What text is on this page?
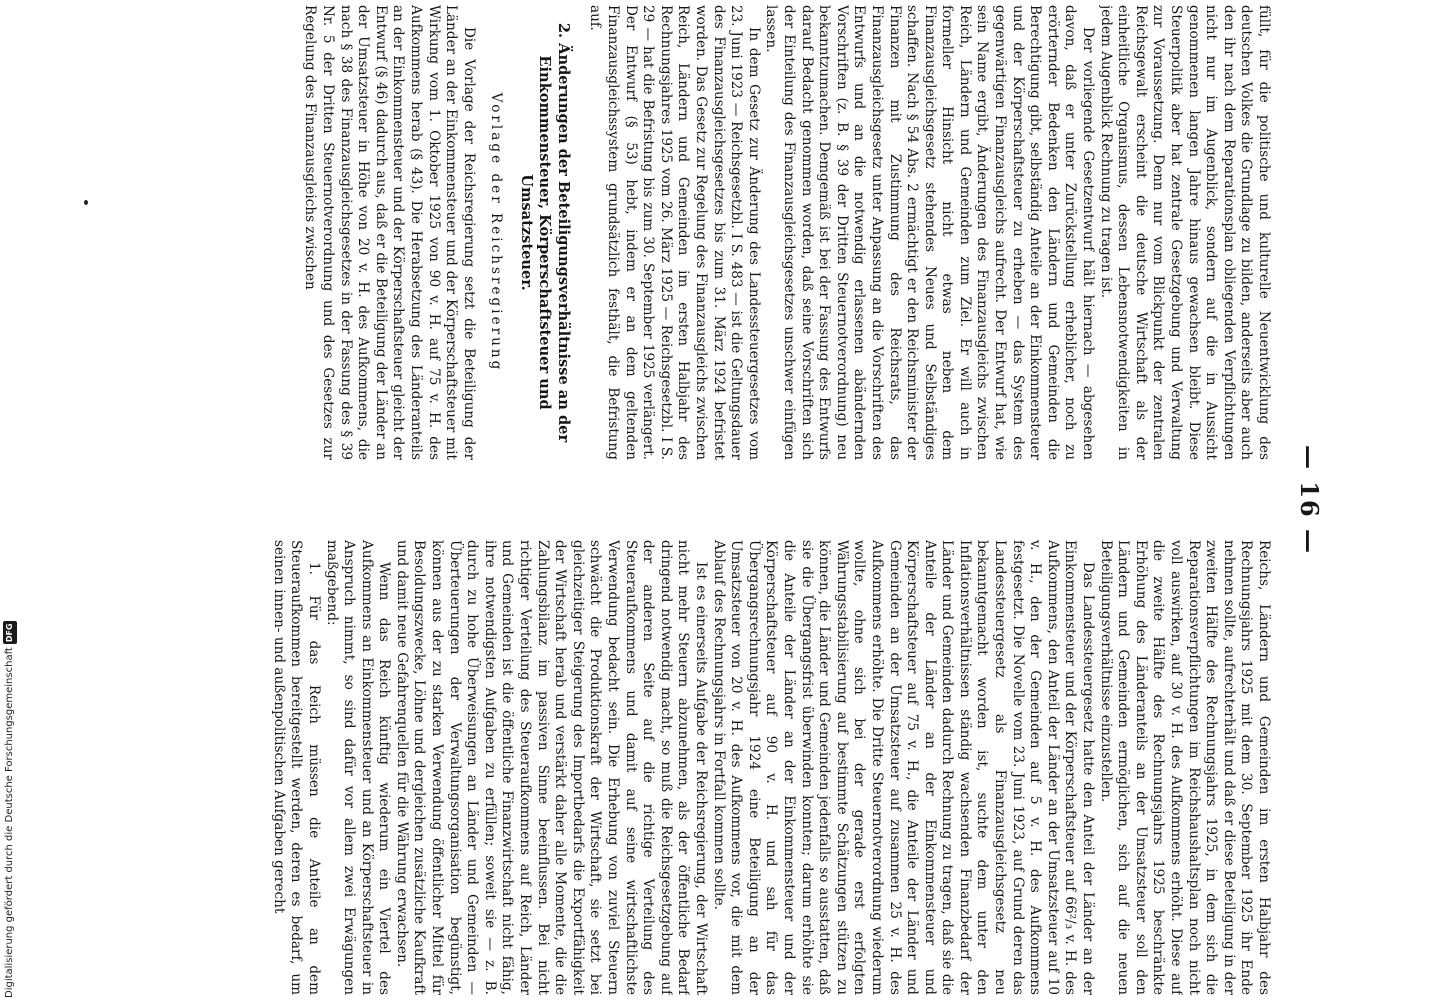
— 16 —

füllt, für die politische und kulturelle Neuentwicklung des deutschen Volkes die Grundlage zu bilden, anderseits aber auch den ihr nach dem Reparationsplan obliegenden Verpflichtungen nicht nur im Augenblick, sondern auf die in Aussicht genommenen langen Jahre hinaus gewachsen bleibt. Diese Steuerpolitik aber hat zentrale Gesetzgebung und Verwaltung zur Voraussetzung. Denn nur vom Blickpunkt der zentralen Reichsgewalt erscheint die deutsche Wirtschaft als der einheitliche Organismus, dessen Lebensnotwendigkeiten in jedem Augenblick Rechnung zu tragen ist.

Der vorliegende Gesetzentwurf hält hiernach — abgesehen davon, daß er unter Zurückstellung erheblicher, noch zu erörternder Bedenken den Ländern und Gemeinden die Berechtigung gibt, selbständig Anteile an der Einkommensteuer und der Körperschaftsteuer zu erheben — das System des gegenwärtigen Finanzausgleichs aufrecht. Der Entwurf hat, wie sein Name ergibt, Änderungen des Finanzausgleichs zwischen Reich, Ländern und Gemeinden zum Ziel. Er will auch in formeller Hinsicht nicht etwas neben dem Finanzausgleichsgesetz stehendes Neues und Selbständiges schaffen. Nach § 54 Abs. 2 ermächtigt er den Reichsminister der Finanzen mit Zustimmung des Reichsrats, das Finanzausgleichsgesetz unter Anpassung an die Vorschriften des Entwurfs und an die notwendig erlassenen abändernden Vorschriften (z. B. § 39 der Dritten Steuernotverordnung) neu bekanntzumachen. Demgemäß ist bei der Fassung des Entwurfs darauf Bedacht genommen worden, daß seine Vorschriften sich der Einteilung des Finanzausgleichsgesetzes unschwer einfügen lassen.

In dem Gesetz zur Änderung des Landessteuergesetzes vom 23. Juni 1923 — Reichsgesetzbl. I S. 483 — ist die Geltungsdauer des Finanzausgleichsgesetzes bis zum 31. März 1924 befristet worden. Das Gesetz zur Regelung des Finanzausgleichs zwischen Reich, Ländern und Gemeinden im ersten Halbjahr des Rechnungsjahres 1925 vom 26. März 1925 — Reichsgesetzbl. I S. 29 — hat die Befristung bis zum 30. September 1925 verlängert. Der Entwurf (§ 53) hebt, indem er an dem geltenden Finanzausgleichssystem grundsätzlich festhält, die Befristung auf.

2. Änderungen der Beteiligungsverhältnisse an der Einkommensteuer, Körperschaftsteuer und Umsatzsteuer.
Vorlage der Reichsregierung

Die Vorlage der Reichsregierung setzt die Beteiligung der Länder an der Einkommensteuer und der Körperschaftsteuer mit Wirkung vom 1. Oktober 1925 von 90 v. H. auf 75 v. H. des Aufkommens herab (§ 43). Die Herabsetzung des Länderanteils an der Einkommensteuer und der Körperschaftsteuer gleicht der Entwurf (§ 46) dadurch aus, daß er die Beteiligung der Länder an der Umsatzsteuer in Höhe von 20 v. H. des Aufkommens, die nach § 38 des Finanzausgleichsgesetzes in der Fassung des § 39 Nr. 5 der Dritten Steuernotverordnung und des Gesetzes zur Regelung des Finanzausgleichs zwischen

Reichs, Ländern und Gemeinden im ersten Halbjahr des Rechnungsjahrs 1925 mit dem 30. September 1925 ihr Ende nehmen sollte, aufrechterhält und daß er diese Beteiligung in der zweiten Hälfte des Rechnungsjahrs 1925, in dem sich die Reparationsverpflichtungen im Reichshaushaltsplan noch nicht voll auswirken, auf 30 v. H. des Aufkommens erhöht. Diese auf die zweite Hälfte des Rechnungsjahrs 1925 beschränkte Erhöhung des Länderanteils an der Umsatzsteuer soll den Ländern und Gemeinden ermöglichen, sich auf die neuen Beteiligungsverhältnisse einzustellen.

Das Landessteuergesetz hatte den Anteil der Länder an der Einkommensteuer und der Körperschaftsteuer auf 66²/₃ v. H. des Aufkommens, den Anteil der Länder an der Umsatzsteuer auf 10 v. H., den der Gemeinden auf 5 v. H. des Aufkommens festgesetzt. Die Novelle vom 23. Juni 1923, auf Grund deren das Landessteuergesetz als Finanzausgleichsgesetz neu bekanntgemacht worden ist, suchte dem unter den Inflationsverhältnissen ständig wachsenden Finanzbedarf der Länder und Gemeinden dadurch Rechnung zu tragen, daß sie die Anteile der Länder an der Einkommensteuer und Körperschaftsteuer auf 75 v. H., die Anteile der Länder und Gemeinden an der Umsatzsteuer auf zusammen 25 v. H. des Aufkommens erhöhte. Die Dritte Steuernotverordnung wiederum wollte, ohne sich bei der gerade erst erfolgten Währungsstabilisierung auf bestimmte Schätzungen stützen zu können, die Länder und Gemeinden jedenfalls so ausstatten, daß sie die Übergangsfrist überwinden konnten; darum erhöhte sie die Anteile der Länder an der Einkommensteuer und der Körperschaftsteuer auf 90 v. H. und sah für das Übergangsrechnungsjahr 1924 eine Beteiligung an der Umsatzsteuer von 20 v. H. des Aufkommens vor, die mit dem Ablauf des Rechnungsjahrs in Fortfall kommen sollte.

Ist es einerseits Aufgabe der Reichsregierung, der Wirtschaft nicht mehr Steuern abzunehmen, als der öffentliche Bedarf dringend notwendig macht, so muß die Reichsgesetzgebung auf der anderen Seite auf die richtige Verteilung des Steueraufkommens und damit auf seine wirtschaftlichste Verwendung bedacht sein. Die Erhebung von zuviel Steuern schwächt die Produktionskraft der Wirtschaft, sie setzt bei gleichzeitiger Steigerung des Importbedarfs die Exportfähigkeit der Wirtschaft herab und verstärkt daher alle Momente, die die Zahlungsbilanz im passiven Sinne beeinflussen. Bei nicht richtiger Verteilung des Steueraufkommens auf Reich, Länder und Gemeinden ist die öffentliche Finanzwirtschaft nicht fähig, ihre notwendigsten Aufgaben zu erfüllen; soweit sie — z. B. durch zu hohe Überweisungen an Länder und Gemeinden — Überteuerungen der Verwaltungsorganisation begünstigt, können aus der zu starken Verwendung öffentlicher Mittel für Besoldungszwecke, Löhne und dergleichen zusätzliche Kaufkraft und damit neue Gefahrenquellen für die Währung erwachsen.

Wenn das Reich künftig wiederum ein Viertel des Aufkommens an Einkommensteuer und an Körperschaftsteuer in Anspruch nimmt, so sind dafür vor allem zwei Erwägungen maßgebend:

1. Für das Reich müssen die Anteile an dem Steueraufkommen bereitgestellt werden, deren es bedarf, um seinen innen- und außenpolitischen Aufgaben gerecht

Digitalisierung gefördert durch die Deutsche ForschungsgemeinschaftDFG
